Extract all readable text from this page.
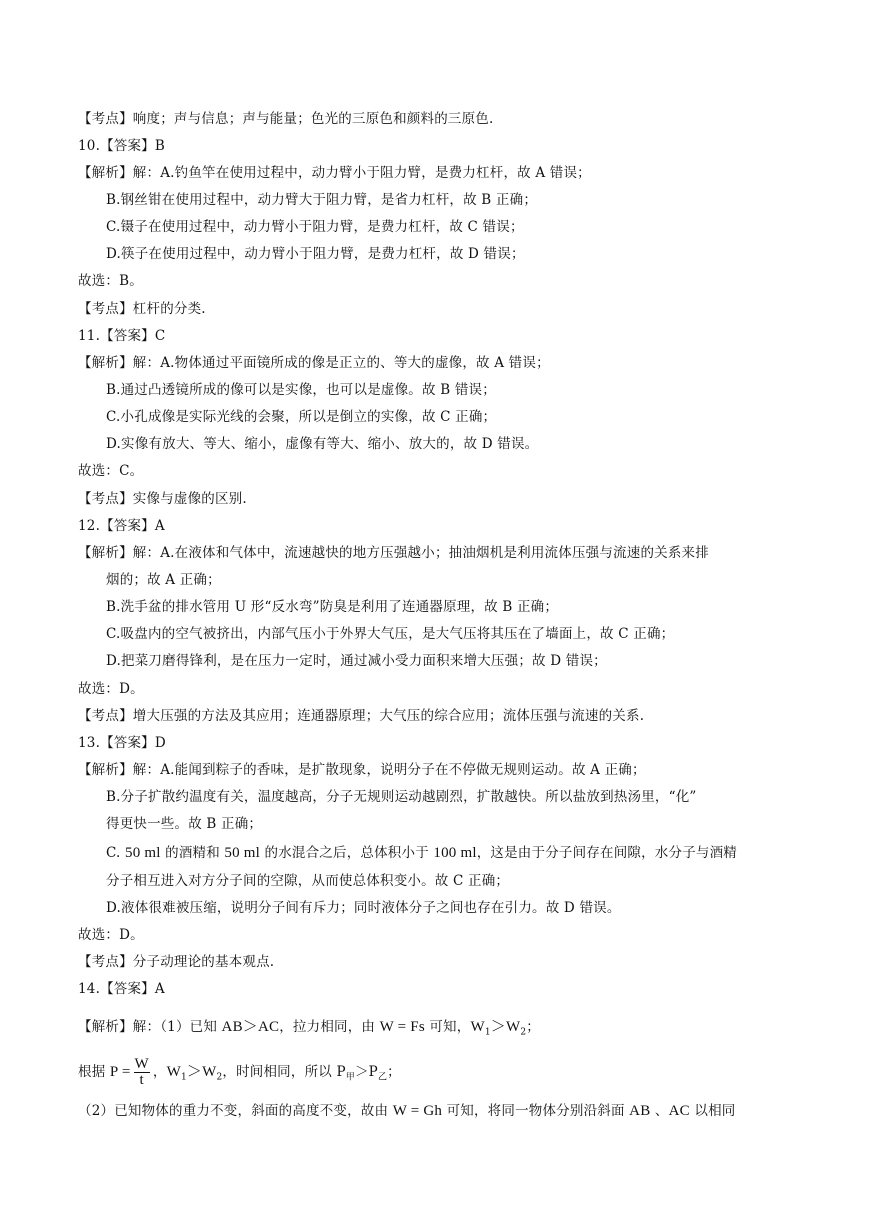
【考点】响度；声与信息；声与能量；色光的三原色和颜料的三原色.
10.【答案】B
【解析】解：A.钓鱼竿在使用过程中，动力臂小于阻力臂，是费力杠杆，故 A 错误；
B.钢丝钳在使用过程中，动力臂大于阻力臂，是省力杠杆，故 B 正确；
C.镊子在使用过程中，动力臂小于阻力臂，是费力杠杆，故 C 错误；
D.筷子在使用过程中，动力臂小于阻力臂，是费力杠杆，故 D 错误；
故选：B。
【考点】杠杆的分类.
11.【答案】C
【解析】解：A.物体通过平面镜所成的像是正立的、等大的虚像，故 A 错误；
B.通过凸透镜所成的像可以是实像，也可以是虚像。故 B 错误；
C.小孔成像是实际光线的会聚，所以是倒立的实像，故 C 正确；
D.实像有放大、等大、缩小，虚像有等大、缩小、放大的，故 D 错误。
故选：C。
【考点】实像与虚像的区别.
12.【答案】A
【解析】解：A.在液体和气体中，流速越快的地方压强越小；抽油烟机是利用流体压强与流速的关系来排
烟的；故 A 正确；
B.洗手盆的排水管用 U 形“反水弯”防臭是利用了连通器原理，故 B 正确；
C.吸盘内的空气被挤出，内部气压小于外界大气压，是大气压将其压在了墙面上，故 C 正确；
D.把菜刀磨得锋利，是在压力一定时，通过减小受力面积来增大压强；故 D 错误；
故选：D。
【考点】增大压强的方法及其应用；连通器原理；大气压的综合应用；流体压强与流速的关系.
13.【答案】D
【解析】解：A.能闻到粽子的香味，是扩散现象，说明分子在不停做无规则运动。故 A 正确；
B.分子扩散约温度有关，温度越高，分子无规则运动越剧烈，扩散越快。所以盐放到热汤里，“化”
得更快一些。故 B 正确；
C. 50 ml 的酒精和 50 ml 的水混合之后，总体积小于 100 ml，这是由于分子间存在间隙，水分子与酒精
分子相互进入对方分子间的空隙，从而使总体积变小。故 C 正确；
D.液体很难被压缩，说明分子间有斥力；同时液体分子之间也存在引力。故 D 错误。
故选：D。
【考点】分子动理论的基本观点.
14.【答案】A
【解析】解：（1）已知 AB＞AC，拉力相同，由 W = Fs 可知，$W_1>W_2$；
根据 $P = \frac{W}{t}$ ，$W_1>W_2$，时间相同，所以 $P_甲>P_乙$；
（2）已知物体的重力不变，斜面的高度不变，故由 W = Gh 可知，将同一物体分别沿斜面 AB 、AC 以相同
